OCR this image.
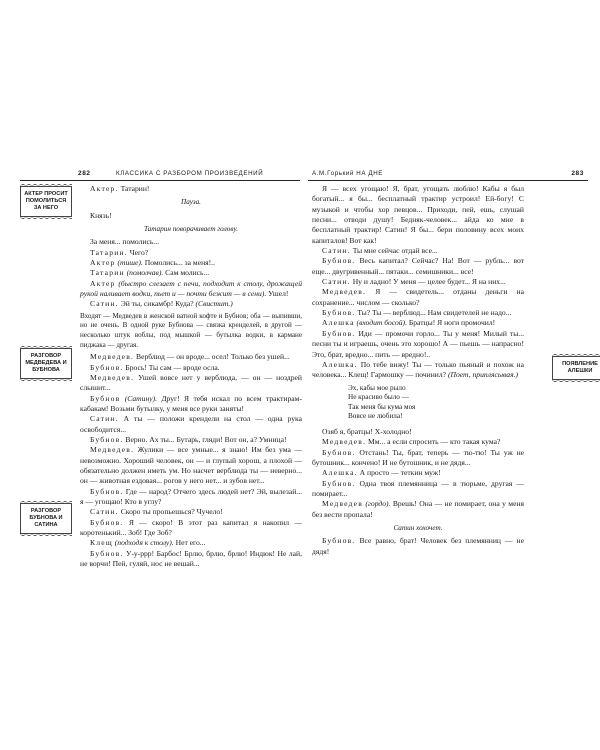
282	КЛАССИКА С РАЗБОРОМ ПРОИЗВЕДЕНИЙ
АКТЕР ПРОСИТ ПОМОЛИТЬСЯ ЗА НЕГО
РАЗГОВОР МЕДВЕДЕВА И БУБНОВА
РАЗГОВОР БУБНОВА И САТИНА

Актер. Татарин!

Пауза.

Князь!

Татарин поворачивает голову.

За меня... помолись...

Татарин. Чего?

Актер (тише). Помолись... за меня!..

Татарин (помолчав). Сам молись...

Актер (быстро слезает с печи, подходит к столу, дрожащей рукой наливает водки, пьет и — почти бежит — в сени). Ушел!

Сатин. Эй ты, сикамбр! Куда? (Свистит.)

Входят — Медведев в женской ватной кофте и Бубнов; оба — выпивши, но не очень. В одной руке Бубнова — связка кренделей, в другой — несколько штук воблы, под мышкой — бутылка водки, в кармане пиджака — другая.

Медведев. Верблюд — он вроде... осел! Только без ушей...

Бубнов. Брось! Ты сам — вроде осла.

Медведев. Ушей вовсе нет у верблюда, — он — ноздрей слышит...

Бубнов (Сатину). Друг! Я тебя искал по всем трактирам-кабакам! Возьми бутылку, у меня все руки заняты!

Сатин. А ты — положи крендели на стол — одна рука освободится...

Бубнов. Верно. Ах ты... Бутарь, гляди! Вот он, а? Умница!

Медведев. Жулики — все умные... я знаю! Им без ума — невозможно. Хороший человек, он — и глупый хорош, а плохой — обязательно должен иметь ум. Но насчет верблюда ты — неверно... он — животная ездовая... рогов у него нет... и зубов нет...

Бубнов. Где — народ? Отчего здесь людей нет? Эй, вылезай... я — угощаю! Кто в углу?

Сатин. Скоро ты пропьешься? Чучело!

Бубнов. Я — скоро! В этот раз капитал я накопил — коротенький... Зоб! Где Зоб?

Клещ (подходя к столу). Нет его...

Бубнов. У-у-ррр! Барбос! Брлю, брлю, брлю! Индюк! Не лай, не ворчи! Пей, гуляй, нос не вешай...

А.М.Горький НА ДНЕ	283
ПОЯВЛЕНИЕ АЛЕШКИ

Я — всех угощаю! Я, брат, угощать люблю! Кабы я был богатый... я бы... бесплатный трактир устроил! Ей-богу! С музыкой и чтобы хор певцов... Приходи, пей, ешь, слушай песни... отводи душу! Бедняк-человек... айда ко мне в бесплатный трактир! Сатин! Я бы... бери половину всех моих капиталов! Вот как!

Сатин. Ты мне сейчас отдай все...

Бубнов. Весь капитал? Сейчас? На! Вот — рубль... вот еще... двугривенный... пятаки... семишники... все!

Сатин. Ну и ладно! У меня — целее будет... Я на них...

Медведев. Я — свидетель... отданы деньги на сохранение... числом — сколько?

Бубнов. Ты? Ты — верблюд... Нам свидетелей не надо...

Алешка (входит босой). Братцы! Я ноги промочил!

Бубнов. Иди — промочи горло... Ты у меня! Милый ты... песни ты и играешь, очень это хорошо! А — пьешь — напрасно! Это, брат, вредно... пить — вредно!..

Алешка. По тебе вижу! Ты — только пьяный и похож на человека... Клещ! Гармошку — починил? (Поет, приплясывая.)

Эх, кабы мое рыло
Не красиво было —
Так меня бы кума моя
Вовсе не любила!

Озяб я, братцы! Х-холодно!

Медведев. Мм... а если спросить — кто такая кума?

Бубнов. Отстань! Ты, брат, теперь — тю-тю! Ты уж не бутошник... кончено! И не бутошник, и не дядя...

Алешка. А просто — теткин муж!

Бубнов. Одна твоя племянница — в тюрьме, другая — помирает...

Медведев (гордо). Врешь! Она — не помирает, она у меня без вести пропала!

Сатин хохочет.

Бубнов. Все равно, брат! Человек без племянниц — не дядя!
